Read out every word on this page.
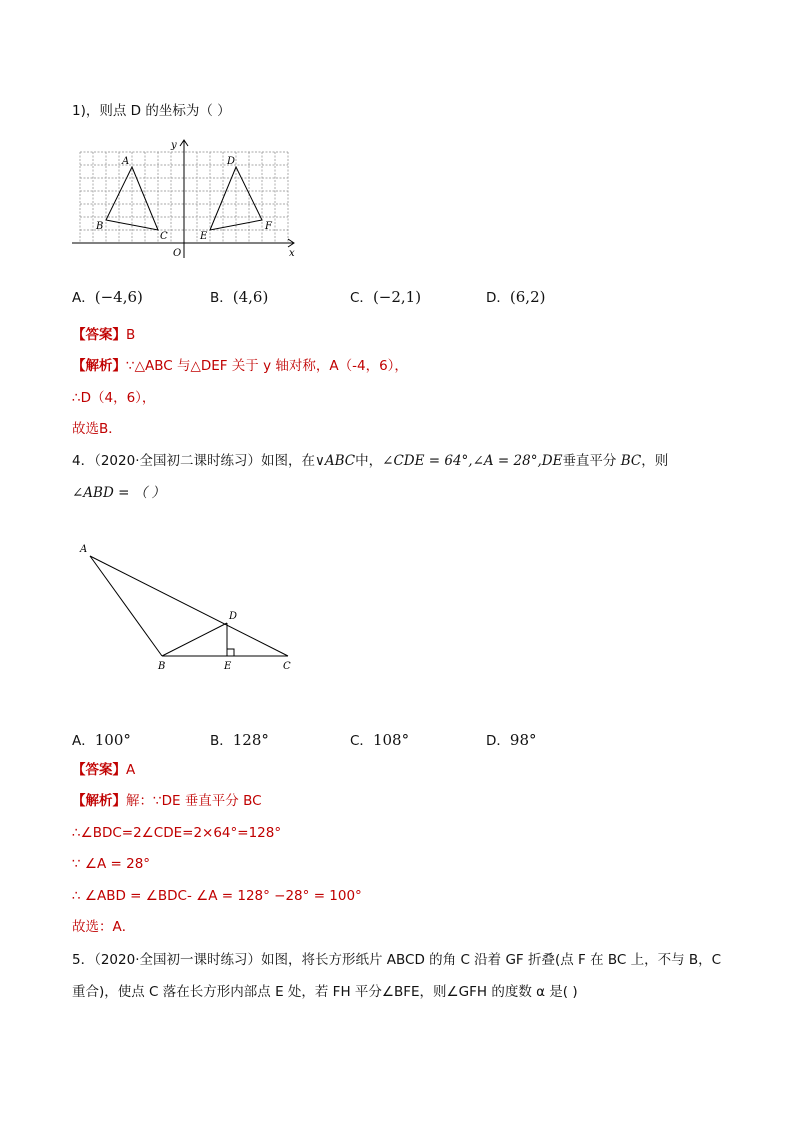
1)，则点 D 的坐标为（ ）
y
x
O
A
B
C
D
E
F
A．(−4,6)	B．(4,6)	C．(−2,1)	D．(6,2)
【答案】B
【解析】∵△ABC 与△DEF 关于 y 轴对称，A（-4，6），
∴D（4，6），
故选B．
4．（2020·全国初二课时练习）如图，在∨ABC中，∠CDE = 64°,∠A = 28°,DE垂直平分 BC，则
∠ABD = （ ）
A
B	C
D
E
A．100°	B．128°	C．108°	D．98°
【答案】A
【解析】解：∵DE 垂直平分 BC
∴∠BDC=2∠CDE=2×64°=128°
∵ ∠A = 28°
∴ ∠ABD = ∠BDC- ∠A = 128° −28° = 100°
故选：A．
5．（2020·全国初一课时练习）如图，将长方形纸片 ABCD 的角 C 沿着 GF 折叠(点 F 在 BC 上，不与 B，C
重合)，使点 C 落在长方形内部点 E 处，若 FH 平分∠BFE，则∠GFH 的度数 α 是( )
